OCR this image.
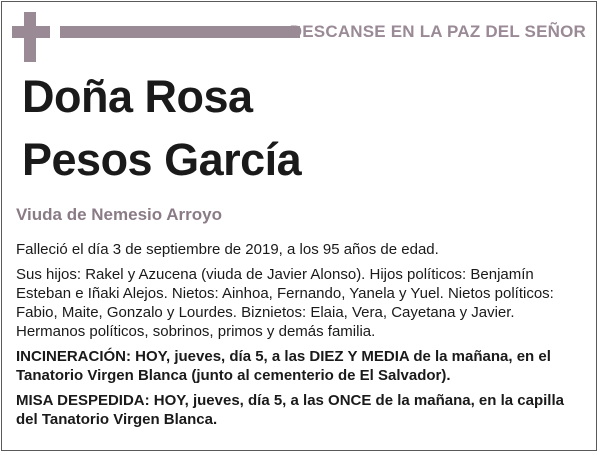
DESCANSE EN LA PAZ DEL SEÑOR
Doña Rosa
Pesos García
Viuda de Nemesio Arroyo

Falleció el día 3 de septiembre de 2019, a los 95 años de edad.

Sus hijos: Rakel y Azucena (viuda de Javier Alonso). Hijos políticos: Benjamín Esteban e Iñaki Alejos. Nietos: Ainhoa, Fernando, Yanela y Yuel. Nietos políticos: Fabio, Maite, Gonzalo y Lourdes. Biznietos: Elaia, Vera, Cayetana y Javier. Hermanos políticos, sobrinos, primos y demás familia.

INCINERACIÓN: HOY, jueves, día 5, a las DIEZ Y MEDIA de la mañana, en el Tanatorio Virgen Blanca (junto al cementerio de El Salvador).

MISA DESPEDIDA: HOY, jueves, día 5, a las ONCE de la mañana, en la capilla del Tanatorio Virgen Blanca.
